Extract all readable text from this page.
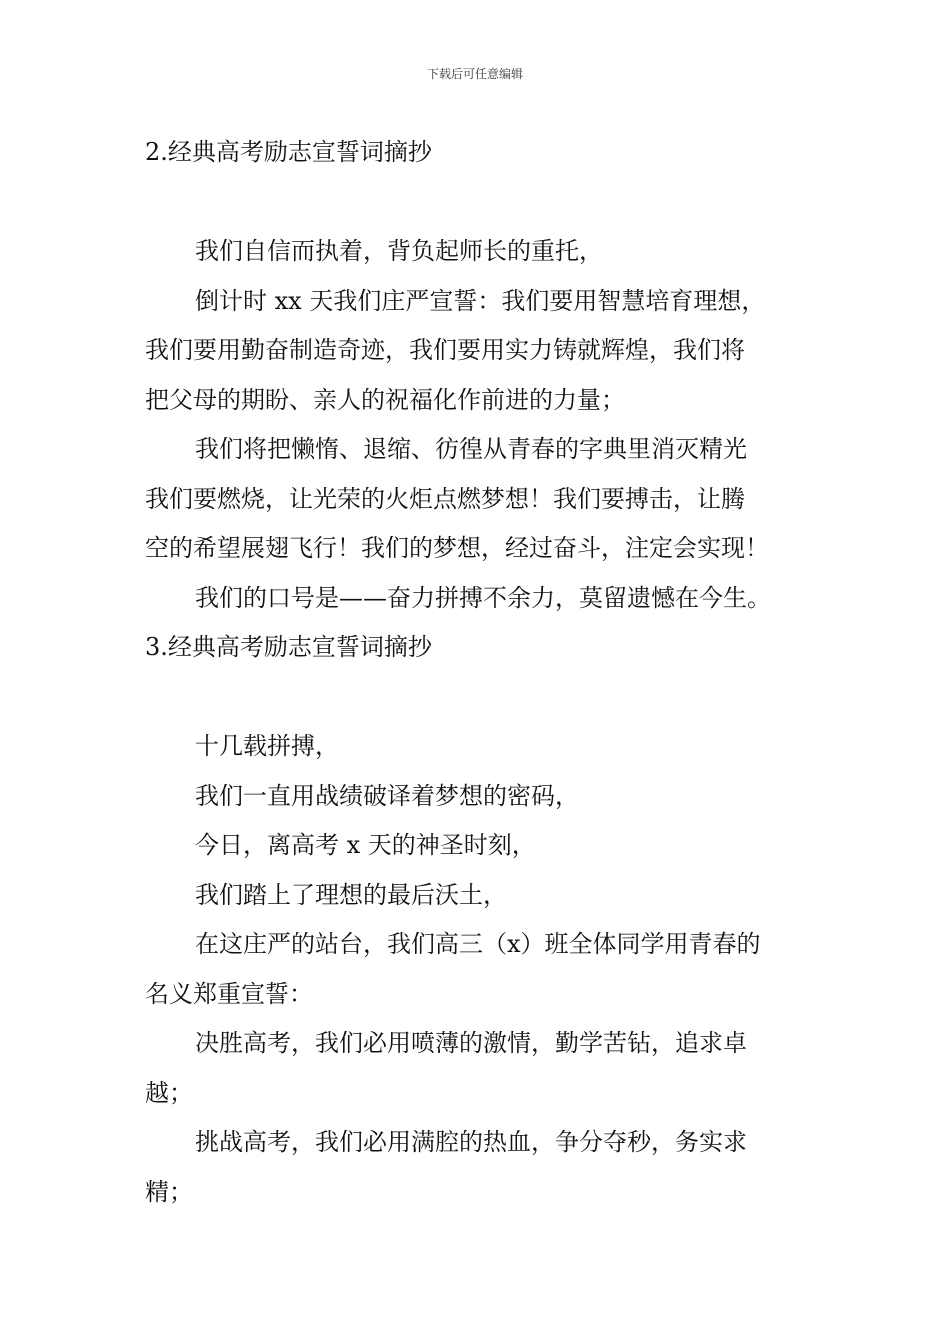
下载后可任意编辑
2.经典高考励志宣誓词摘抄
我们自信而执着，背负起师长的重托，
倒计时 xx 天我们庄严宣誓：我们要用智慧培育理想，
我们要用勤奋制造奇迹，我们要用实力铸就辉煌，我们将
把父母的期盼、亲人的祝福化作前进的力量；
我们将把懒惰、退缩、彷徨从青春的字典里消灭精光
我们要燃烧，让光荣的火炬点燃梦想！我们要搏击，让腾
空的希望展翅飞行！我们的梦想，经过奋斗，注定会实现！
我们的口号是——奋力拼搏不余力，莫留遗憾在今生。
3.经典高考励志宣誓词摘抄
十几载拼搏，
我们一直用战绩破译着梦想的密码，
今日，离高考 x 天的神圣时刻，
我们踏上了理想的最后沃土，
在这庄严的站台，我们高三（x）班全体同学用青春的
名义郑重宣誓：
决胜高考，我们必用喷薄的激情，勤学苦钻，追求卓
越；
挑战高考，我们必用满腔的热血，争分夺秒，务实求
精；
